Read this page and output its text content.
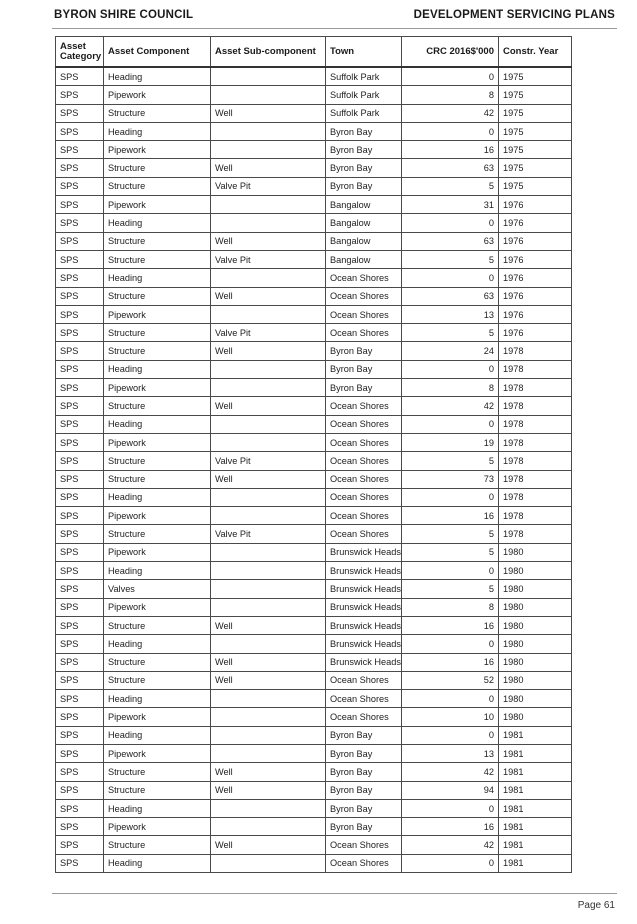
BYRON SHIRE COUNCIL	DEVELOPMENT SERVICING PLANS
Asset Category	Asset Component	Asset Sub-component	Town	CRC 2016$'000	Constr. Year
SPS	Heading		Suffolk Park	0	1975
SPS	Pipework		Suffolk Park	8	1975
SPS	Structure	Well	Suffolk Park	42	1975
SPS	Heading		Byron Bay	0	1975
SPS	Pipework		Byron Bay	16	1975
SPS	Structure	Well	Byron Bay	63	1975
SPS	Structure	Valve Pit	Byron Bay	5	1975
SPS	Pipework		Bangalow	31	1976
SPS	Heading		Bangalow	0	1976
SPS	Structure	Well	Bangalow	63	1976
SPS	Structure	Valve Pit	Bangalow	5	1976
SPS	Heading		Ocean Shores	0	1976
SPS	Structure	Well	Ocean Shores	63	1976
SPS	Pipework		Ocean Shores	13	1976
SPS	Structure	Valve Pit	Ocean Shores	5	1976
SPS	Structure	Well	Byron Bay	24	1978
SPS	Heading		Byron Bay	0	1978
SPS	Pipework		Byron Bay	8	1978
SPS	Structure	Well	Ocean Shores	42	1978
SPS	Heading		Ocean Shores	0	1978
SPS	Pipework		Ocean Shores	19	1978
SPS	Structure	Valve Pit	Ocean Shores	5	1978
SPS	Structure	Well	Ocean Shores	73	1978
SPS	Heading		Ocean Shores	0	1978
SPS	Pipework		Ocean Shores	16	1978
SPS	Structure	Valve Pit	Ocean Shores	5	1978
SPS	Pipework		Brunswick Heads	5	1980
SPS	Heading		Brunswick Heads	0	1980
SPS	Valves		Brunswick Heads	5	1980
SPS	Pipework		Brunswick Heads	8	1980
SPS	Structure	Well	Brunswick Heads	16	1980
SPS	Heading		Brunswick Heads	0	1980
SPS	Structure	Well	Brunswick Heads	16	1980
SPS	Structure	Well	Ocean Shores	52	1980
SPS	Heading		Ocean Shores	0	1980
SPS	Pipework		Ocean Shores	10	1980
SPS	Heading		Byron Bay	0	1981
SPS	Pipework		Byron Bay	13	1981
SPS	Structure	Well	Byron Bay	42	1981
SPS	Structure	Well	Byron Bay	94	1981
SPS	Heading		Byron Bay	0	1981
SPS	Pipework		Byron Bay	16	1981
SPS	Structure	Well	Ocean Shores	42	1981
SPS	Heading		Ocean Shores	0	1981
Page 61
